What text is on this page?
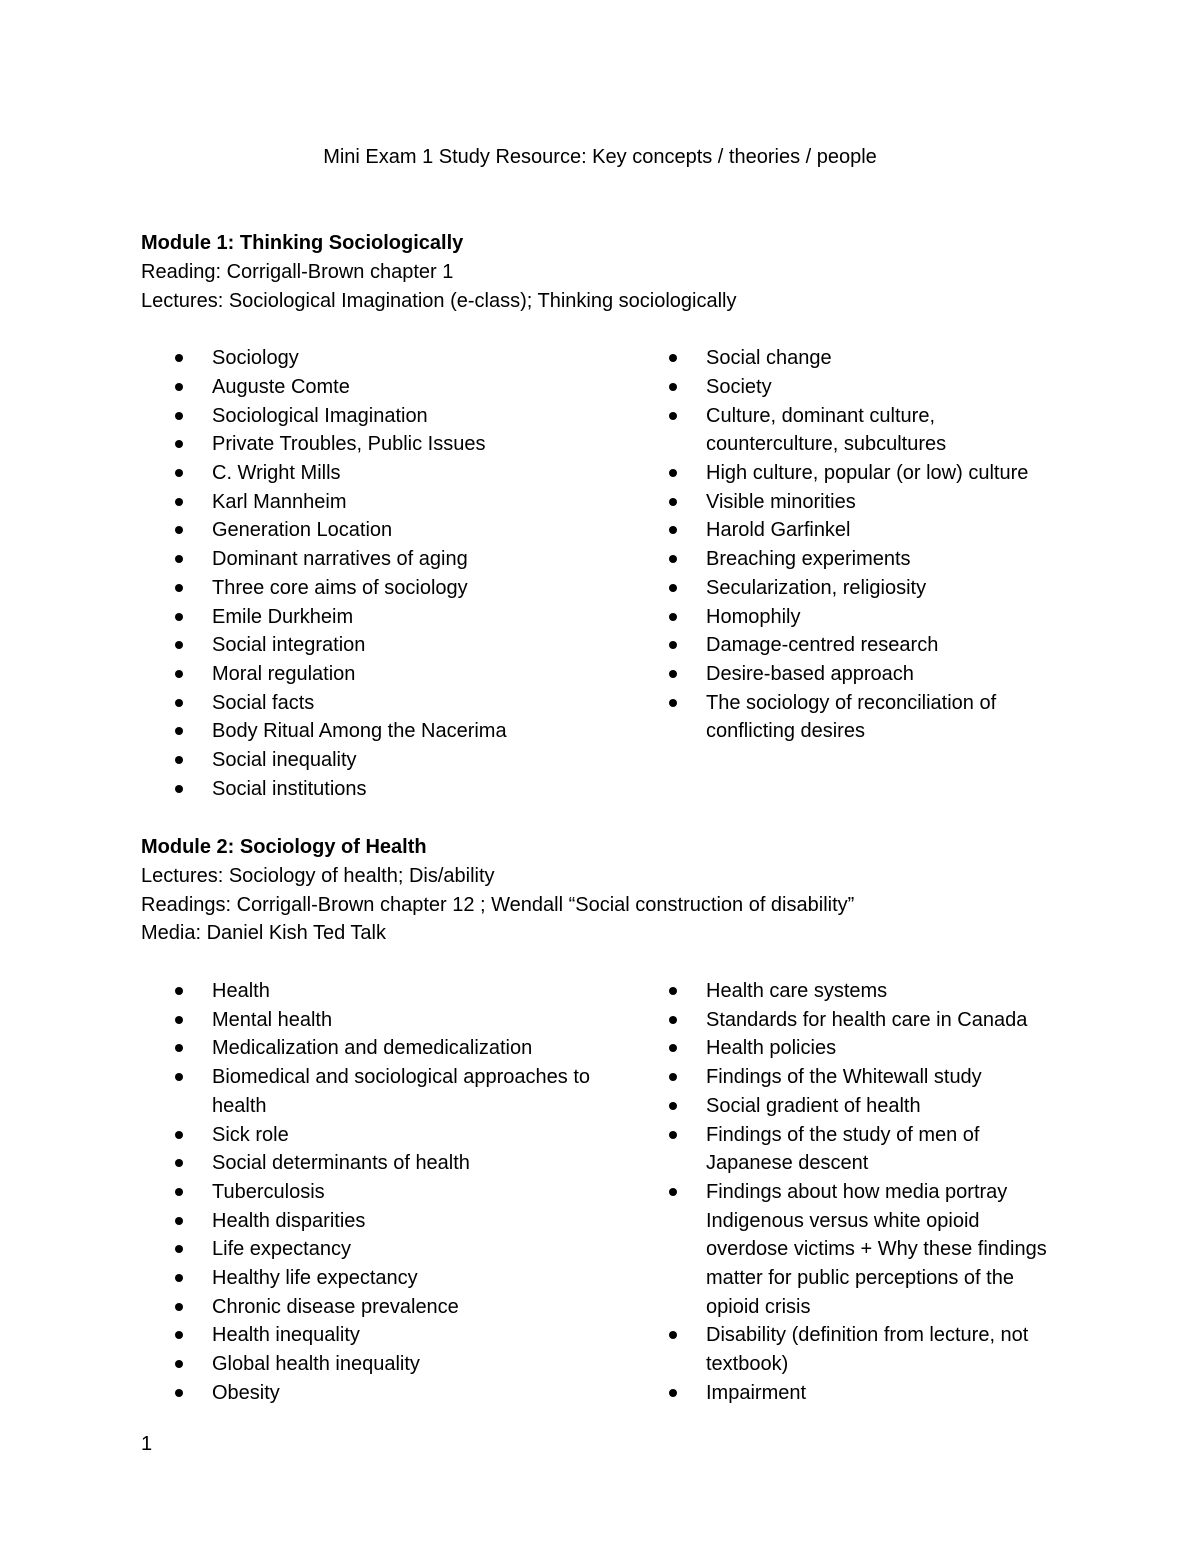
Mini Exam 1 Study Resource: Key concepts / theories / people
Module 1: Thinking Sociologically
Reading: Corrigall-Brown chapter 1
Lectures: Sociological Imagination (e-class); Thinking sociologically
Sociology
Auguste Comte
Sociological Imagination
Private Troubles, Public Issues
C. Wright Mills
Karl Mannheim
Generation Location
Dominant narratives of aging
Three core aims of sociology
Emile Durkheim
Social integration
Moral regulation
Social facts
Body Ritual Among the Nacerima
Social inequality
Social institutions
Social change
Society
Culture, dominant culture, counterculture, subcultures
High culture, popular (or low) culture
Visible minorities
Harold Garfinkel
Breaching experiments
Secularization, religiosity
Homophily
Damage-centred research
Desire-based approach
The sociology of reconciliation of conflicting desires
Module 2: Sociology of Health
Lectures: Sociology of health; Dis/ability
Readings: Corrigall-Brown chapter 12 ; Wendall “Social construction of disability”
Media: Daniel Kish Ted Talk
Health
Mental health
Medicalization and demedicalization
Biomedical and sociological approaches to health
Sick role
Social determinants of health
Tuberculosis
Health disparities
Life expectancy
Healthy life expectancy
Chronic disease prevalence
Health inequality
Global health inequality
Obesity
Health care systems
Standards for health care in Canada
Health policies
Findings of the Whitewall study
Social gradient of health
Findings of the study of men of Japanese descent
Findings about how media portray Indigenous versus white opioid overdose victims + Why these findings matter for public perceptions of the opioid crisis
Disability (definition from lecture, not textbook)
Impairment
1
